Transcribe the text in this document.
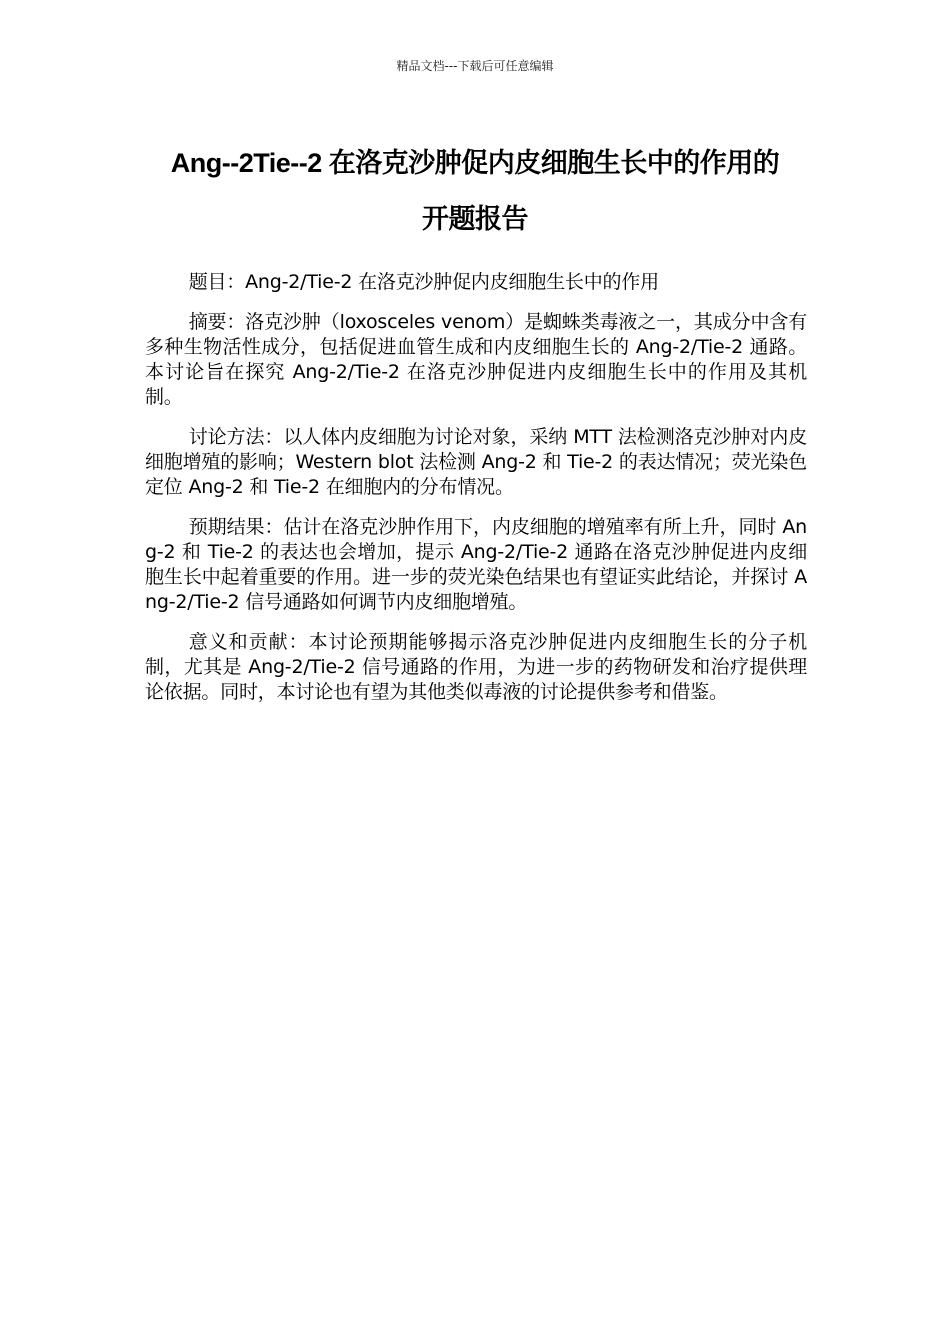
精品文档---下载后可任意编辑
Ang--2Tie--2 在洛克沙肿促内皮细胞生长中的作用的
开题报告

题目：Ang-2/Tie-2 在洛克沙肿促内皮细胞生长中的作用

摘要：洛克沙肿（loxosceles venom）是蜘蛛类毒液之一，其成分中含有多种生物活性成分，包括促进血管生成和内皮细胞生长的 Ang-2/Tie-2 通路。本讨论旨在探究 Ang-2/Tie-2 在洛克沙肿促进内皮细胞生长中的作用及其机制。

讨论方法：以人体内皮细胞为讨论对象，采纳 MTT 法检测洛克沙肿对内皮细胞增殖的影响；Western blot 法检测 Ang-2 和 Tie-2 的表达情况；荧光染色定位 Ang-2 和 Tie-2 在细胞内的分布情况。

预期结果：估计在洛克沙肿作用下，内皮细胞的增殖率有所上升，同时 Ang-2 和 Tie-2 的表达也会增加，提示 Ang-2/Tie-2 通路在洛克沙肿促进内皮细胞生长中起着重要的作用。进一步的荧光染色结果也有望证实此结论，并探讨 Ang-2/Tie-2 信号通路如何调节内皮细胞增殖。

意义和贡献：本讨论预期能够揭示洛克沙肿促进内皮细胞生长的分子机制，尤其是 Ang-2/Tie-2 信号通路的作用，为进一步的药物研发和治疗提供理论依据。同时，本讨论也有望为其他类似毒液的讨论提供参考和借鉴。
